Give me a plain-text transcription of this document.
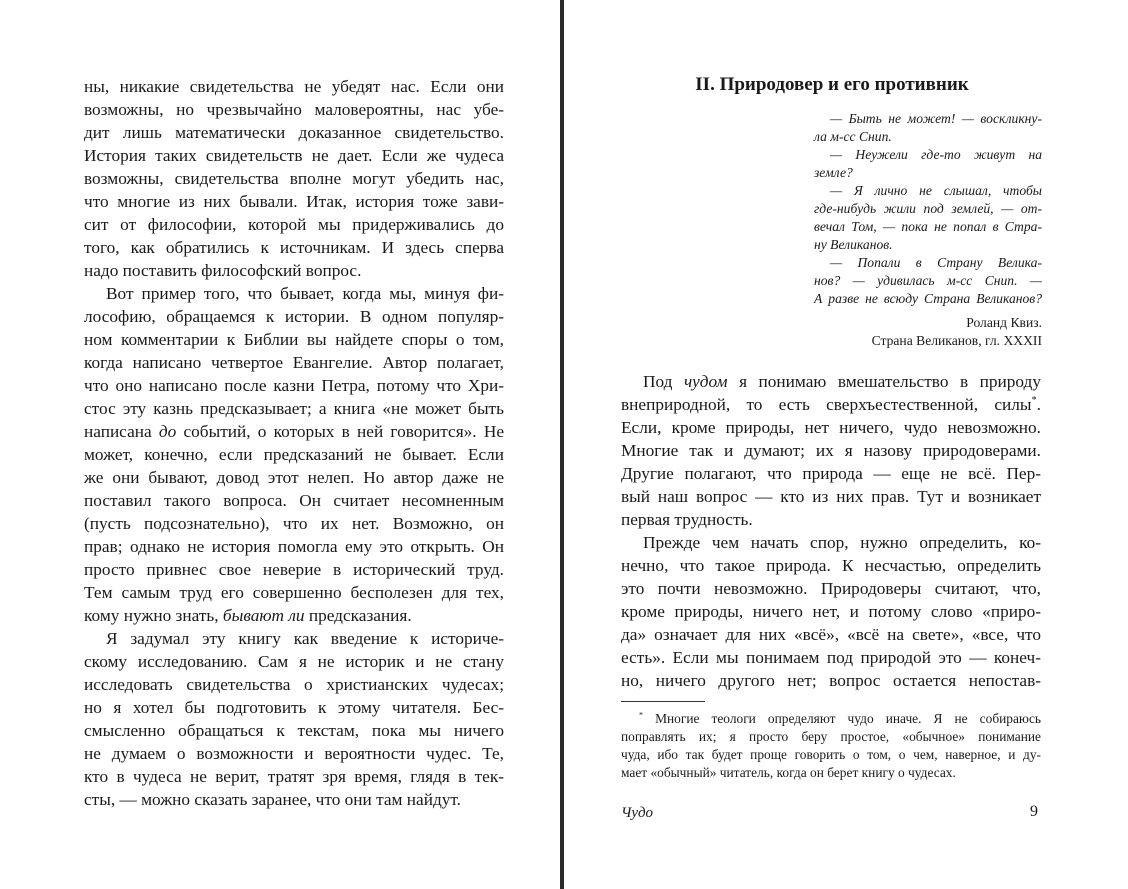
ны, никакие свидетельства не убедят нас. Если они
возможны, но чрезвычайно маловероятны, нас убе-
дит лишь математически доказанное свидетельство.
История таких свидетельств не дает. Если же чудеса
возможны, свидетельства вполне могут убедить нас,
что многие из них бывали. Итак, история тоже зави-
сит от философии, которой мы придерживались до
того, как обратились к источникам. И здесь сперва
надо поставить философский вопрос.
Вот пример того, что бывает, когда мы, минуя фи-
лософию, обращаемся к истории. В одном популяр-
ном комментарии к Библии вы найдете споры о том,
когда написано четвертое Евангелие. Автор полагает,
что оно написано после казни Петра, потому что Хри-
стос эту казнь предсказывает; а книга «не может быть
написана до событий, о которых в ней говорится». Не
может, конечно, если предсказаний не бывает. Если
же они бывают, довод этот нелеп. Но автор даже не
поставил такого вопроса. Он считает несомненным
(пусть подсознательно), что их нет. Возможно, он
прав; однако не история помогла ему это открыть. Он
просто привнес свое неверие в исторический труд.
Тем самым труд его совершенно бесполезен для тех,
кому нужно знать, бывают ли предсказания.
Я задумал эту книгу как введение к историче-
скому исследованию. Сам я не историк и не стану
исследовать свидетельства о христианских чудесах;
но я хотел бы подготовить к этому читателя. Бес-
смысленно обращаться к текстам, пока мы ничего
не думаем о возможности и вероятности чудес. Те,
кто в чудеса не верит, тратят зря время, глядя в тек-
сты, — можно сказать заранее, что они там найдут.
II. Природовер и его противник
— Быть не может! — воскликну-
ла м-сс Снип.
— Неужели где-то живут на
земле?
— Я лично не слышал, чтобы
где-нибудь жили под землей, — от-
вечал Том, — пока не попал в Стра-
ну Великанов.
— Попали в Страну Велика-
нов? — удивилась м-сс Снип. —
А разве не всюду Страна Великанов?
Роланд Квиз.
Страна Великанов, гл. XXXII
Под чудом я понимаю вмешательство в природу
внеприродной, то есть сверхъестественной, силы*.
Если, кроме природы, нет ничего, чудо невозможно.
Многие так и думают; их я назову природоверами.
Другие полагают, что природа — еще не всё. Пер-
вый наш вопрос — кто из них прав. Тут и возникает
первая трудность.
Прежде чем начать спор, нужно определить, ко-
нечно, что такое природа. К несчастью, определить
это почти невозможно. Природоверы считают, что,
кроме природы, ничего нет, и потому слово «приро-
да» означает для них «всё», «всё на свете», «все, что
есть». Если мы понимаем под природой это — конеч-
но, ничего другого нет; вопрос остается непостав-
* Многие теологи определяют чудо иначе. Я не собираюсь
поправлять их; я просто беру простое, «обычное» понимание
чуда, ибо так будет проще говорить о том, о чем, наверное, и ду-
мает «обычный» читатель, когда он берет книгу о чудесах.
Чудо	9
